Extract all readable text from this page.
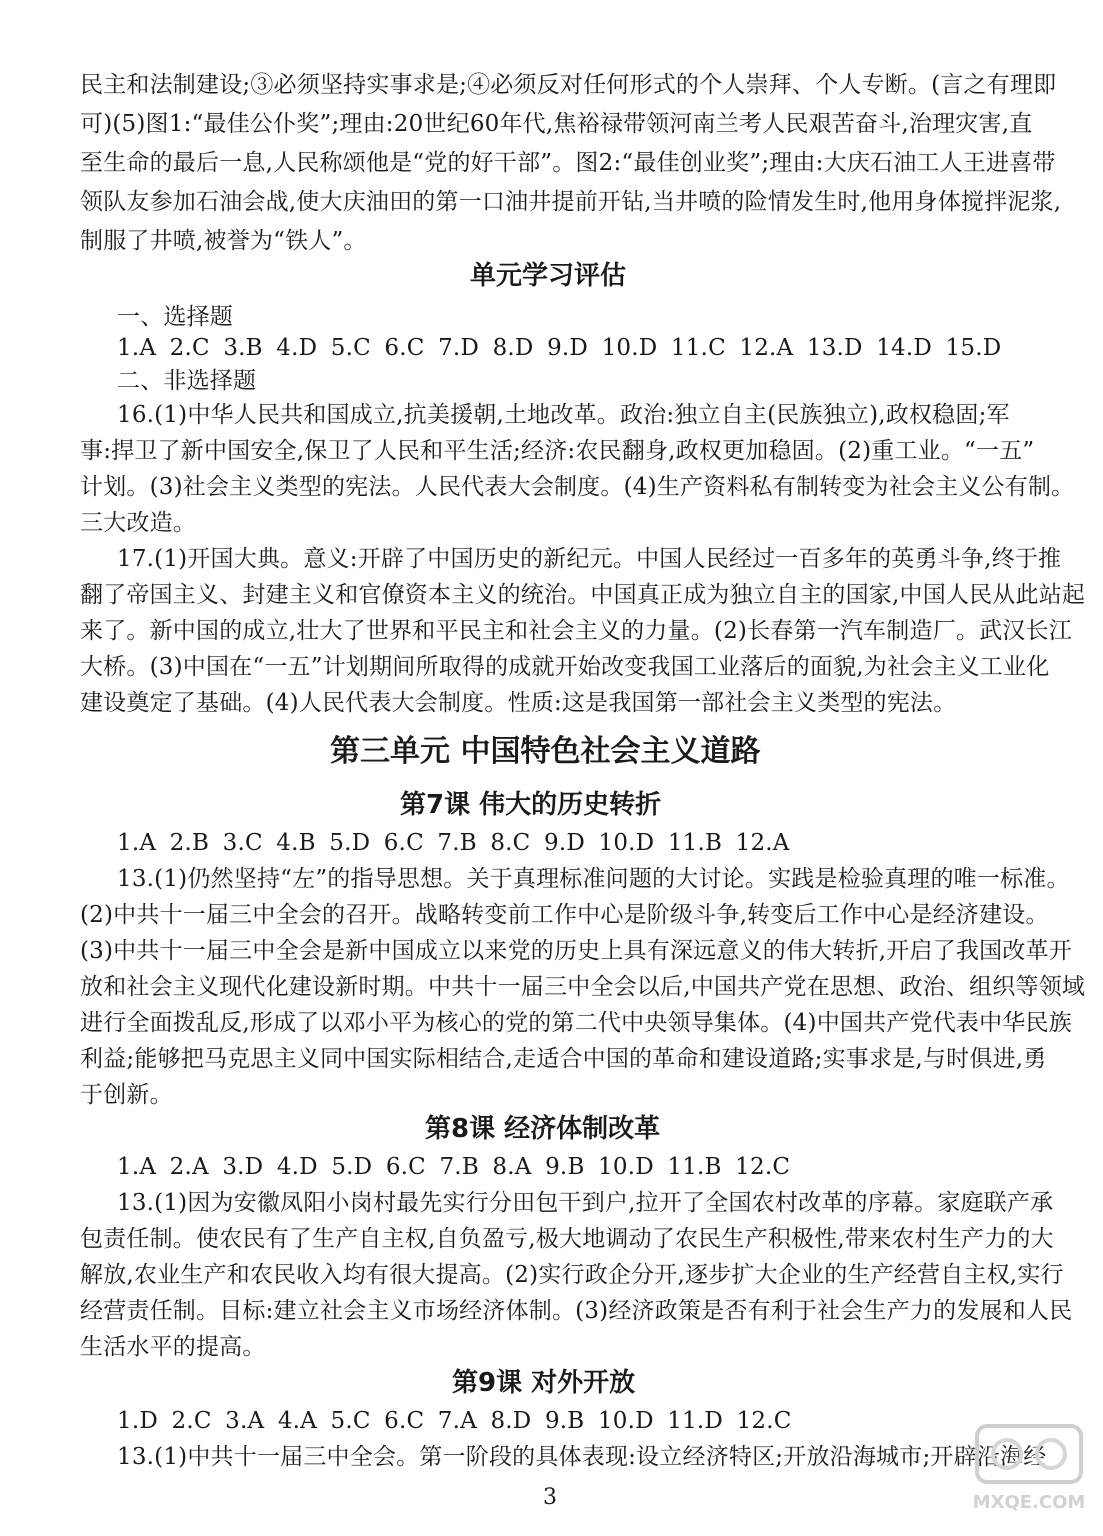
民主和法制建设;③必须坚持实事求是;④必须反对任何形式的个人崇拜、个人专断。(言之有理即
可)(5)图1:“最佳公仆奖”;理由:20世纪60年代,焦裕禄带领河南兰考人民艰苦奋斗,治理灾害,直
至生命的最后一息,人民称颂他是“党的好干部”。图2:“最佳创业奖”;理由:大庆石油工人王进喜带
领队友参加石油会战,使大庆油田的第一口油井提前开钻,当井喷的险情发生时,他用身体搅拌泥浆,
制服了井喷,被誉为“铁人”。
单元学习评估
一、选择题
1.A 2.C 3.B 4.D 5.C 6.C 7.D 8.D 9.D 10.D 11.C 12.A 13.D 14.D 15.D
二、非选择题
16.(1)中华人民共和国成立,抗美援朝,土地改革。政治:独立自主(民族独立),政权稳固;军
事:捍卫了新中国安全,保卫了人民和平生活;经济:农民翻身,政权更加稳固。(2)重工业。“一五”
计划。(3)社会主义类型的宪法。人民代表大会制度。(4)生产资料私有制转变为社会主义公有制。
三大改造。
17.(1)开国大典。意义:开辟了中国历史的新纪元。中国人民经过一百多年的英勇斗争,终于推
翻了帝国主义、封建主义和官僚资本主义的统治。中国真正成为独立自主的国家,中国人民从此站起
来了。新中国的成立,壮大了世界和平民主和社会主义的力量。(2)长春第一汽车制造厂。武汉长江
大桥。(3)中国在“一五”计划期间所取得的成就开始改变我国工业落后的面貌,为社会主义工业化
建设奠定了基础。(4)人民代表大会制度。性质:这是我国第一部社会主义类型的宪法。
第三单元 中国特色社会主义道路
第7课 伟大的历史转折
1.A 2.B 3.C 4.B 5.D 6.C 7.B 8.C 9.D 10.D 11.B 12.A
13.(1)仍然坚持“左”的指导思想。关于真理标准问题的大讨论。实践是检验真理的唯一标准。
(2)中共十一届三中全会的召开。战略转变前工作中心是阶级斗争,转变后工作中心是经济建设。
(3)中共十一届三中全会是新中国成立以来党的历史上具有深远意义的伟大转折,开启了我国改革开
放和社会主义现代化建设新时期。中共十一届三中全会以后,中国共产党在思想、政治、组织等领域
进行全面拨乱反,形成了以邓小平为核心的党的第二代中央领导集体。(4)中国共产党代表中华民族
利益;能够把马克思主义同中国实际相结合,走适合中国的革命和建设道路;实事求是,与时俱进,勇
于创新。
第8课 经济体制改革
1.A 2.A 3.D 4.D 5.D 6.C 7.B 8.A 9.B 10.D 11.B 12.C
13.(1)因为安徽凤阳小岗村最先实行分田包干到户,拉开了全国农村改革的序幕。家庭联产承
包责任制。使农民有了生产自主权,自负盈亏,极大地调动了农民生产积极性,带来农村生产力的大
解放,农业生产和农民收入均有很大提高。(2)实行政企分开,逐步扩大企业的生产经营自主权,实行
经营责任制。目标:建立社会主义市场经济体制。(3)经济政策是否有利于社会生产力的发展和人民
生活水平的提高。
第9课 对外开放
1.D 2.C 3.A 4.A 5.C 6.C 7.A 8.D 9.B 10.D 11.D 12.C
13.(1)中共十一届三中全会。第一阶段的具体表现:设立经济特区;开放沿海城市;开辟沿海经
3	MXQE.COM
